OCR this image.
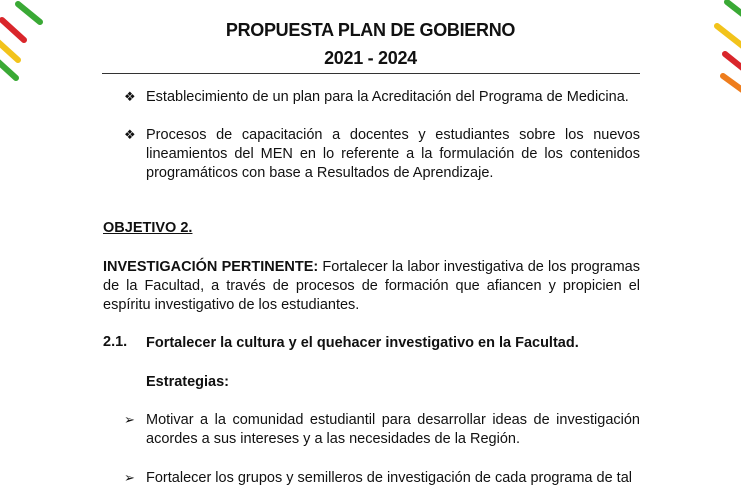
PROPUESTA PLAN DE GOBIERNO
2021 - 2024
❖ Establecimiento de un plan para la Acreditación del Programa de Medicina.

❖ Procesos de capacitación a docentes y estudiantes sobre los nuevos lineamientos del MEN en lo referente a la formulación de los contenidos programáticos con base a Resultados de Aprendizaje.

OBJETIVO 2.

INVESTIGACIÓN PERTINENTE: Fortalecer la labor investigativa de los programas de la Facultad, a través de procesos de formación que afiancen y propicien el espíritu investigativo de los estudiantes.

2.1. Fortalecer la cultura y el quehacer investigativo en la Facultad.

Estrategias:

➢ Motivar a la comunidad estudiantil para desarrollar ideas de investigación acordes a sus intereses y a las necesidades de la Región.

➢ Fortalecer los grupos y semilleros de investigación de cada programa de tal
